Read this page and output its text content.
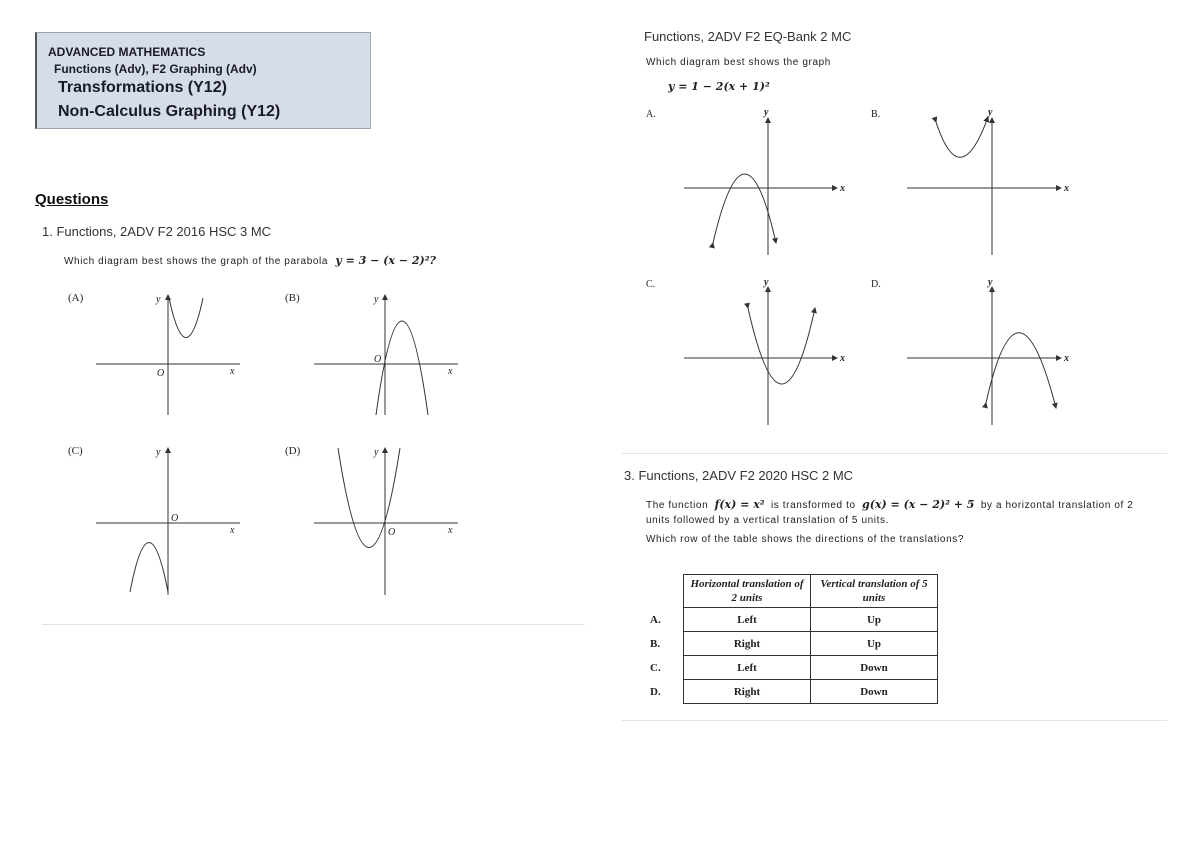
ADVANCED MATHEMATICS
Functions (Adv), F2 Graphing (Adv)
Transformations (Y12)
Non-Calculus Graphing (Y12)
Questions
1. Functions, 2ADV F2 2016 HSC 3 MC
Which diagram best shows the graph of the parabola y = 3 − (x − 2)²?
(A)	(B)
(C)	(D)
y
x
O
y
x
O
y
x
O
y
x
O
Functions, 2ADV F2 EQ-Bank 2 MC
Which diagram best shows the graph
y = 1 − 2(x + 1)²
A.	B.
C.	D.
y
x
y
x
y
x
y
x
3. Functions, 2ADV F2 2020 HSC 2 MC
The function f(x) = x² is transformed to g(x) = (x − 2)² + 5 by a horizontal translation of 2
units followed by a vertical translation of 5 units.
Which row of the table shows the directions of the translations?
	Horizontal translation of 2 units	Vertical translation of 5 units
A.	Left	Up
B.	Right	Up
C.	Left	Down
D.	Right	Down
